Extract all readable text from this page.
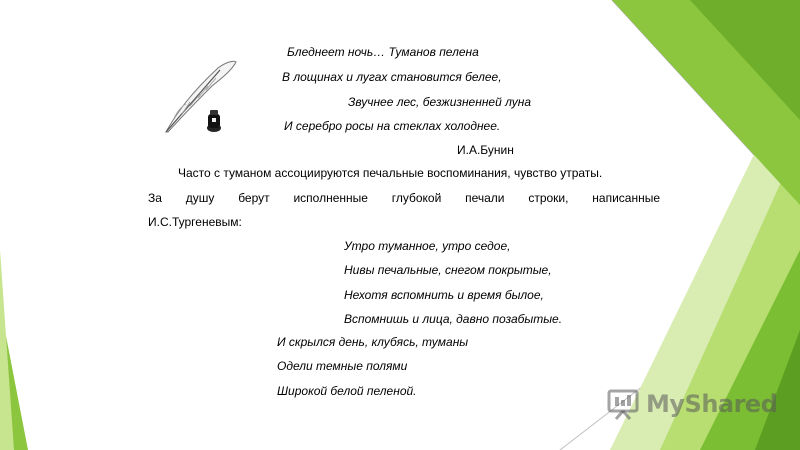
Бледнеет ночь… Туманов пелена
В лощинах и лугах становится белее,
Звучнее лес, безжизненней луна
И серебро росы на стеклах холоднее.
И.А.Бунин
Часто с туманом ассоциируются печальные воспоминания, чувство утраты.
За душу берут исполненные глубокой печали строки, написанные
И.С.Тургеневым:
Утро туманное, утро седое,
Нивы печальные, снегом покрытые,
Нехотя вспомнить и время былое,
Вспомнишь и лица, давно позабытые.
И скрылся день, клубясь, туманы
Одели темные полями
Широкой белой пеленой.	MyShared
